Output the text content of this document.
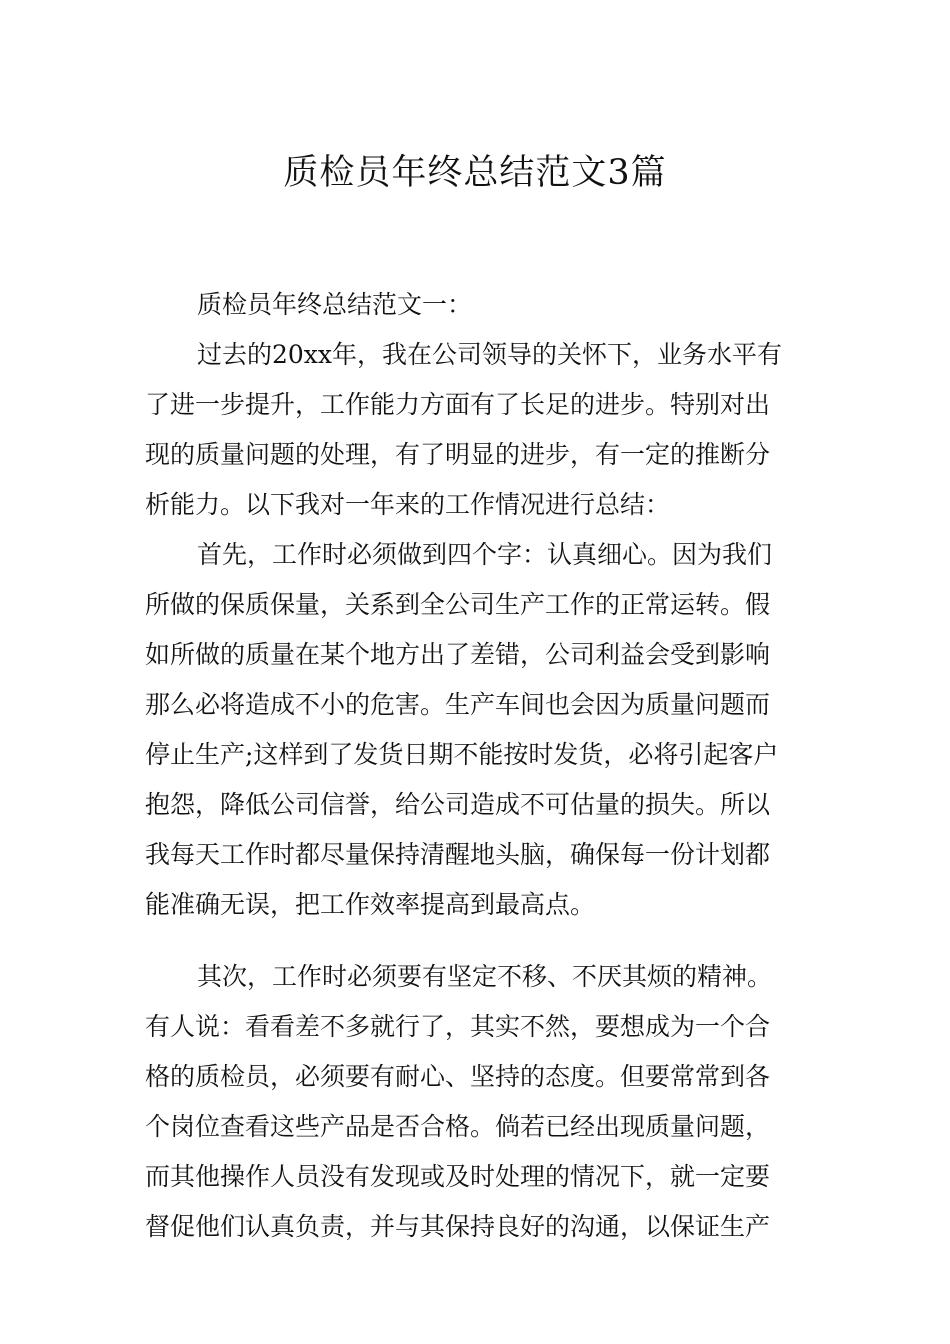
质检员年终总结范文3篇
质检员年终总结范文一：
过去的20xx年，我在公司领导的关怀下，业务水平有
了进一步提升，工作能力方面有了长足的进步。特别对出
现的质量问题的处理，有了明显的进步，有一定的推断分
析能力。以下我对一年来的工作情况进行总结：
首先，工作时必须做到四个字：认真细心。因为我们
所做的保质保量，关系到全公司生产工作的正常运转。假
如所做的质量在某个地方出了差错，公司利益会受到影响
那么必将造成不小的危害。生产车间也会因为质量问题而
停止生产;这样到了发货日期不能按时发货，必将引起客户
抱怨，降低公司信誉，给公司造成不可估量的损失。所以
我每天工作时都尽量保持清醒地头脑，确保每一份计划都
能准确无误，把工作效率提高到最高点。
其次，工作时必须要有坚定不移、不厌其烦的精神。
有人说：看看差不多就行了，其实不然，要想成为一个合
格的质检员，必须要有耐心、坚持的态度。但要常常到各
个岗位查看这些产品是否合格。倘若已经出现质量问题，
而其他操作人员没有发现或及时处理的情况下，就一定要
督促他们认真负责，并与其保持良好的沟通，以保证生产
